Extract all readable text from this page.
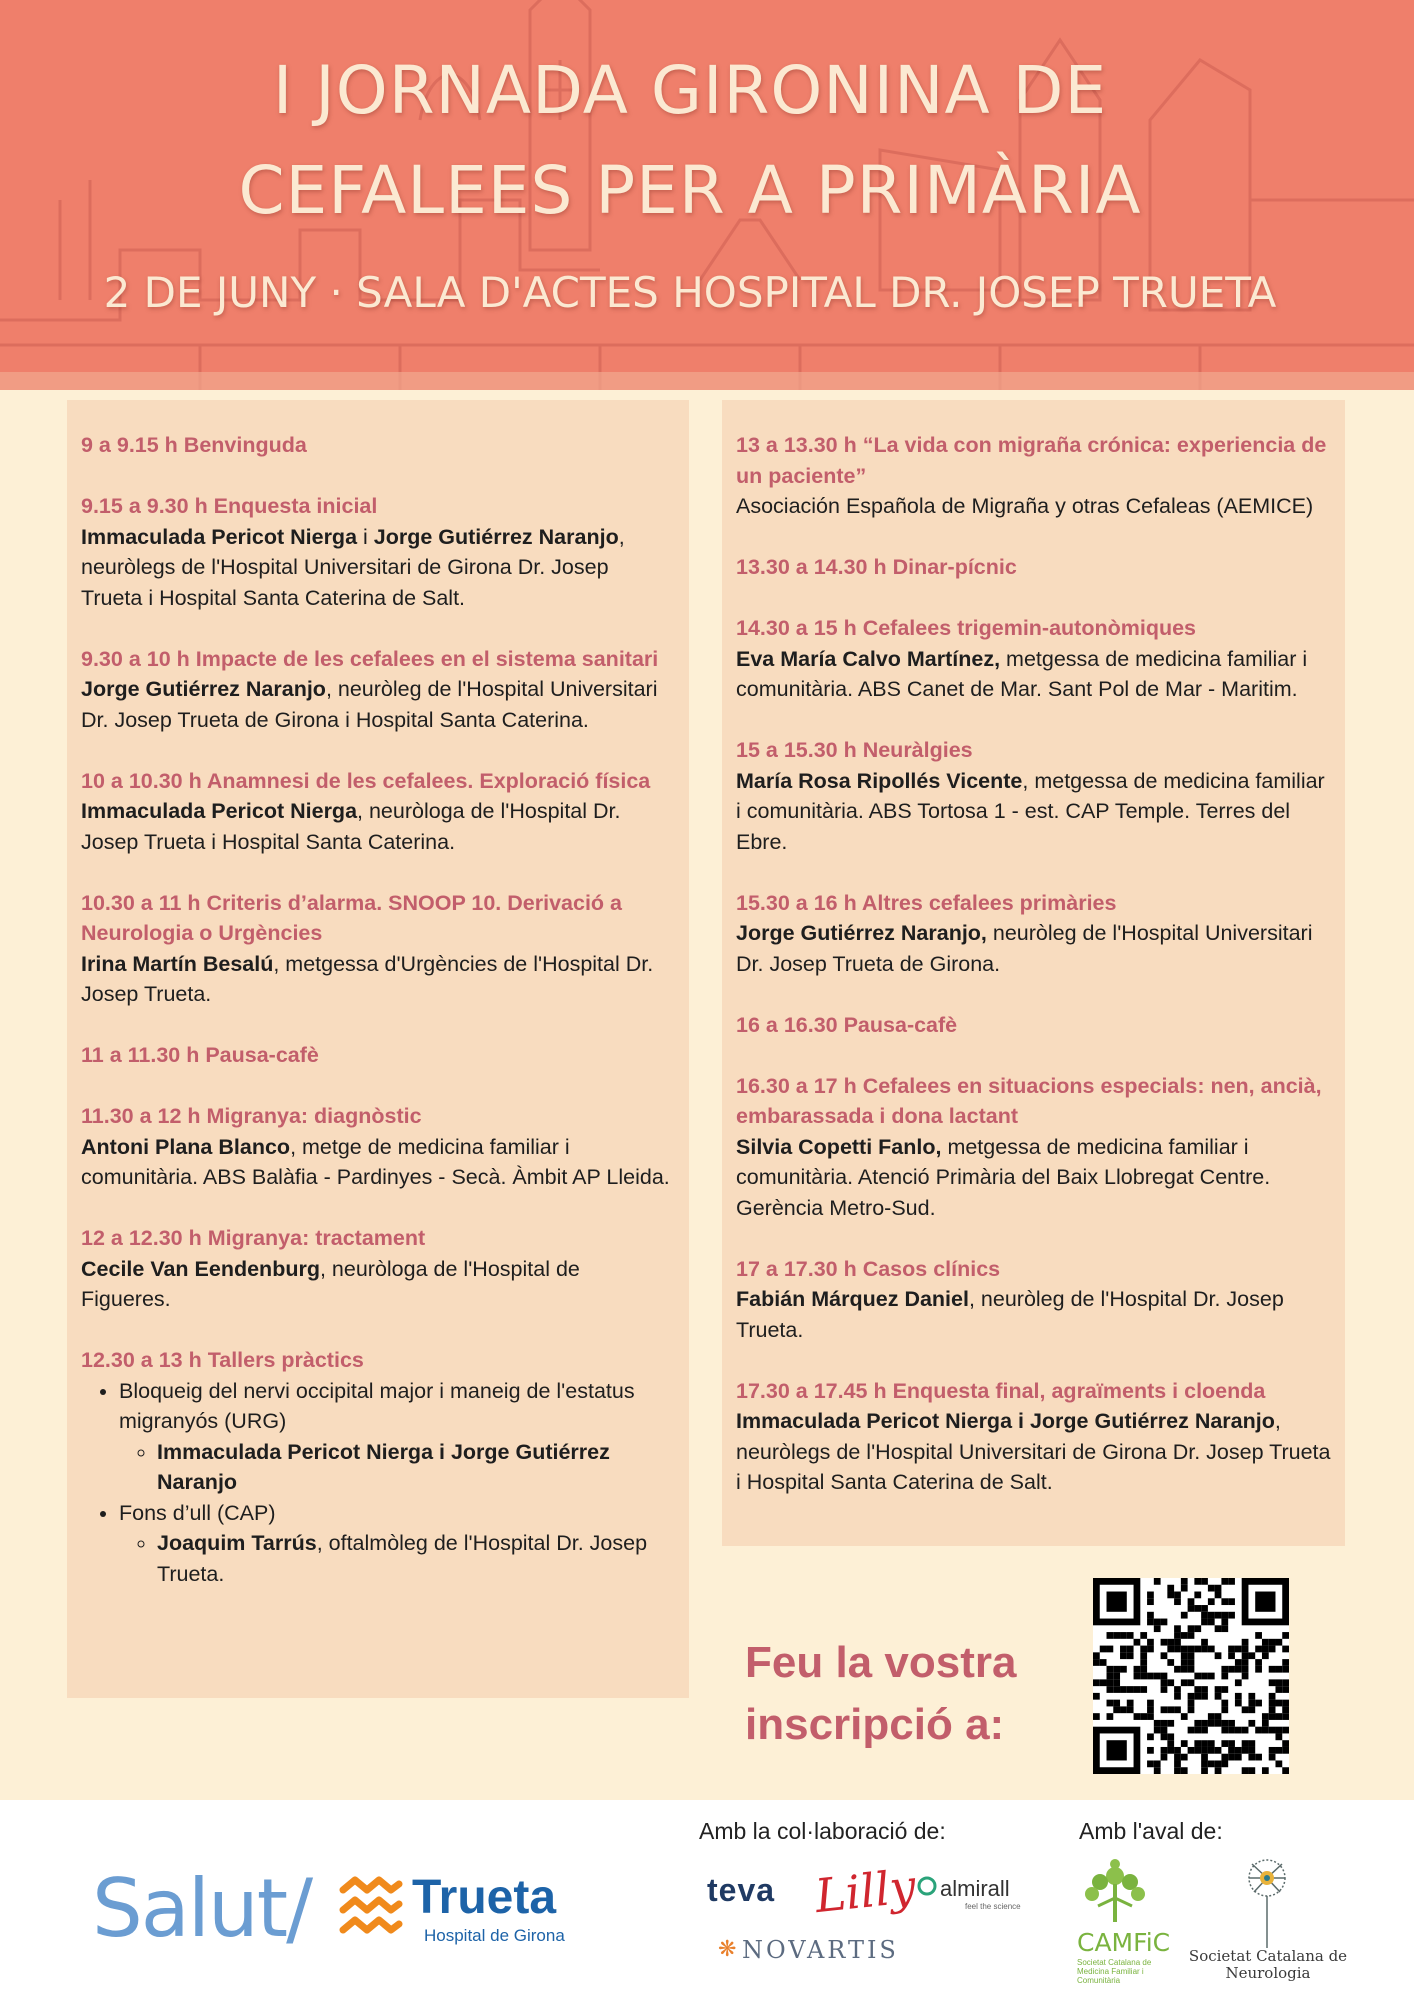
I JORNADA GIRONINA DE
CEFALEES PER A PRIMÀRIA
2 DE JUNY · SALA D'ACTES HOSPITAL DR. JOSEP TRUETA
9 a 9.15 h Benvinguda
9.15 a 9.30 h Enquesta inicial
Immaculada Pericot Nierga i Jorge Gutiérrez Naranjo, neuròlegs de l'Hospital Universitari de Girona Dr. Josep Trueta i Hospital Santa Caterina de Salt.
9.30 a 10 h Impacte de les cefalees en el sistema sanitari
Jorge Gutiérrez Naranjo, neuròleg de l'Hospital Universitari Dr. Josep Trueta de Girona i Hospital Santa Caterina.
10 a 10.30 h Anamnesi de les cefalees. Exploració física
Immaculada Pericot Nierga, neuròloga de l'Hospital Dr. Josep Trueta i Hospital Santa Caterina.
10.30 a 11 h Criteris d’alarma. SNOOP 10. Derivació a Neurologia o Urgències
Irina Martín Besalú, metgessa d'Urgències de l'Hospital Dr. Josep Trueta.
11 a 11.30 h Pausa-cafè
11.30 a 12 h Migranya: diagnòstic
Antoni Plana Blanco, metge de medicina familiar i comunitària. ABS Balàfia - Pardinyes - Secà. Àmbit AP Lleida.
12 a 12.30 h Migranya: tractament
Cecile Van Eendenburg, neuròloga de l'Hospital de Figueres.
12.30 a 13 h Tallers pràctics
• Bloqueig del nervi occipital major i maneig de l'estatus migranyós (URG)
◦ Immaculada Pericot Nierga i Jorge Gutiérrez Naranjo
• Fons d’ull (CAP)
◦ Joaquim Tarrús, oftalmòleg de l'Hospital Dr. Josep Trueta.
13 a 13.30 h “La vida con migraña crónica: experiencia de un paciente”
Asociación Española de Migraña y otras Cefaleas (AEMICE)
13.30 a 14.30 h Dinar-pícnic
14.30 a 15 h Cefalees trigemin-autonòmiques
Eva María Calvo Martínez, metgessa de medicina familiar i comunitària. ABS Canet de Mar. Sant Pol de Mar - Maritim.
15 a 15.30 h Neuràlgies
María Rosa Ripollés Vicente, metgessa de medicina familiar i comunitària. ABS Tortosa 1 - est. CAP Temple. Terres del Ebre.
15.30 a 16 h Altres cefalees primàries
Jorge Gutiérrez Naranjo, neuròleg de l'Hospital Universitari Dr. Josep Trueta de Girona.
16 a 16.30 Pausa-cafè
16.30 a 17 h Cefalees en situacions especials: nen, ancià, embarassada i dona lactant
Silvia Copetti Fanlo, metgessa de medicina familiar i comunitària. Atenció Primària del Baix Llobregat Centre. Gerència Metro-Sud.
17 a 17.30 h Casos clínics
Fabián Márquez Daniel, neuròleg de l'Hospital Dr. Josep Trueta.
17.30 a 17.45 h Enquesta final, agraïments i cloenda
Immaculada Pericot Nierga i Jorge Gutiérrez Naranjo, neuròlegs de l'Hospital Universitari de Girona Dr. Josep Trueta i Hospital Santa Caterina de Salt.
Feu la vostra inscripció a:
Amb la col·laboració de:	Amb l'aval de:
Salut/ Trueta
Hospital de Girona
teva Lilly almirall
feel the science
❋ NOVARTIS	CAMFiC
Societat Catalana de Medicina Familiar i Comunitària
Societat Catalana de Neurologia
